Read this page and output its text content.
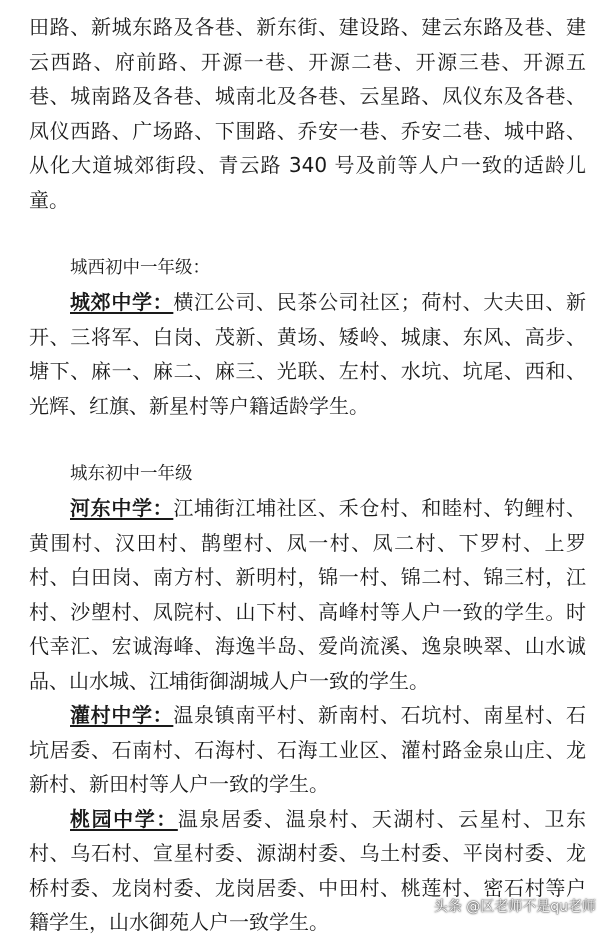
田路、新城东路及各巷、新东街、建设路、建云东路及巷、建云西路、府前路、开源一巷、开源二巷、开源三巷、开源五巷、城南路及各巷、城南北及各巷、云星路、凤仪东及各巷、凤仪西路、广场路、下围路、乔安一巷、乔安二巷、城中路、从化大道城郊街段、青云路 340 号及前等人户一致的适龄儿童。

城西初中一年级：

城郊中学：横江公司、民茶公司社区；荷村、大夫田、新开、三将军、白岗、茂新、黄场、矮岭、城康、东风、高步、塘下、麻一、麻二、麻三、光联、左村、水坑、坑尾、西和、光辉、红旗、新星村等户籍适龄学生。

城东初中一年级

河东中学：江埔街江埔社区、禾仓村、和睦村、钓鲤村、黄围村、汉田村、鹊塱村、凤一村、凤二村、下罗村、上罗村、白田岗、南方村、新明村，锦一村、锦二村、锦三村，江村、沙塱村、凤院村、山下村、高峰村等人户一致的学生。时代幸汇、宏诚海峰、海逸半岛、爱尚流溪、逸泉映翠、山水诚品、山水城、江埔街御湖城人户一致的学生。

灌村中学：温泉镇南平村、新南村、石坑村、南星村、石坑居委、石南村、石海村、石海工业区、灌村路金泉山庄、龙新村、新田村等人户一致的学生。

桃园中学：温泉居委、温泉村、天湖村、云星村、卫东村、乌石村、宣星村委、源湖村委、乌土村委、平岗村委、龙桥村委、龙岗村委、龙岗居委、中田村、桃莲村、密石村等户籍学生，山水御苑人户一致学生。

头条 @区老师不是qu老师
